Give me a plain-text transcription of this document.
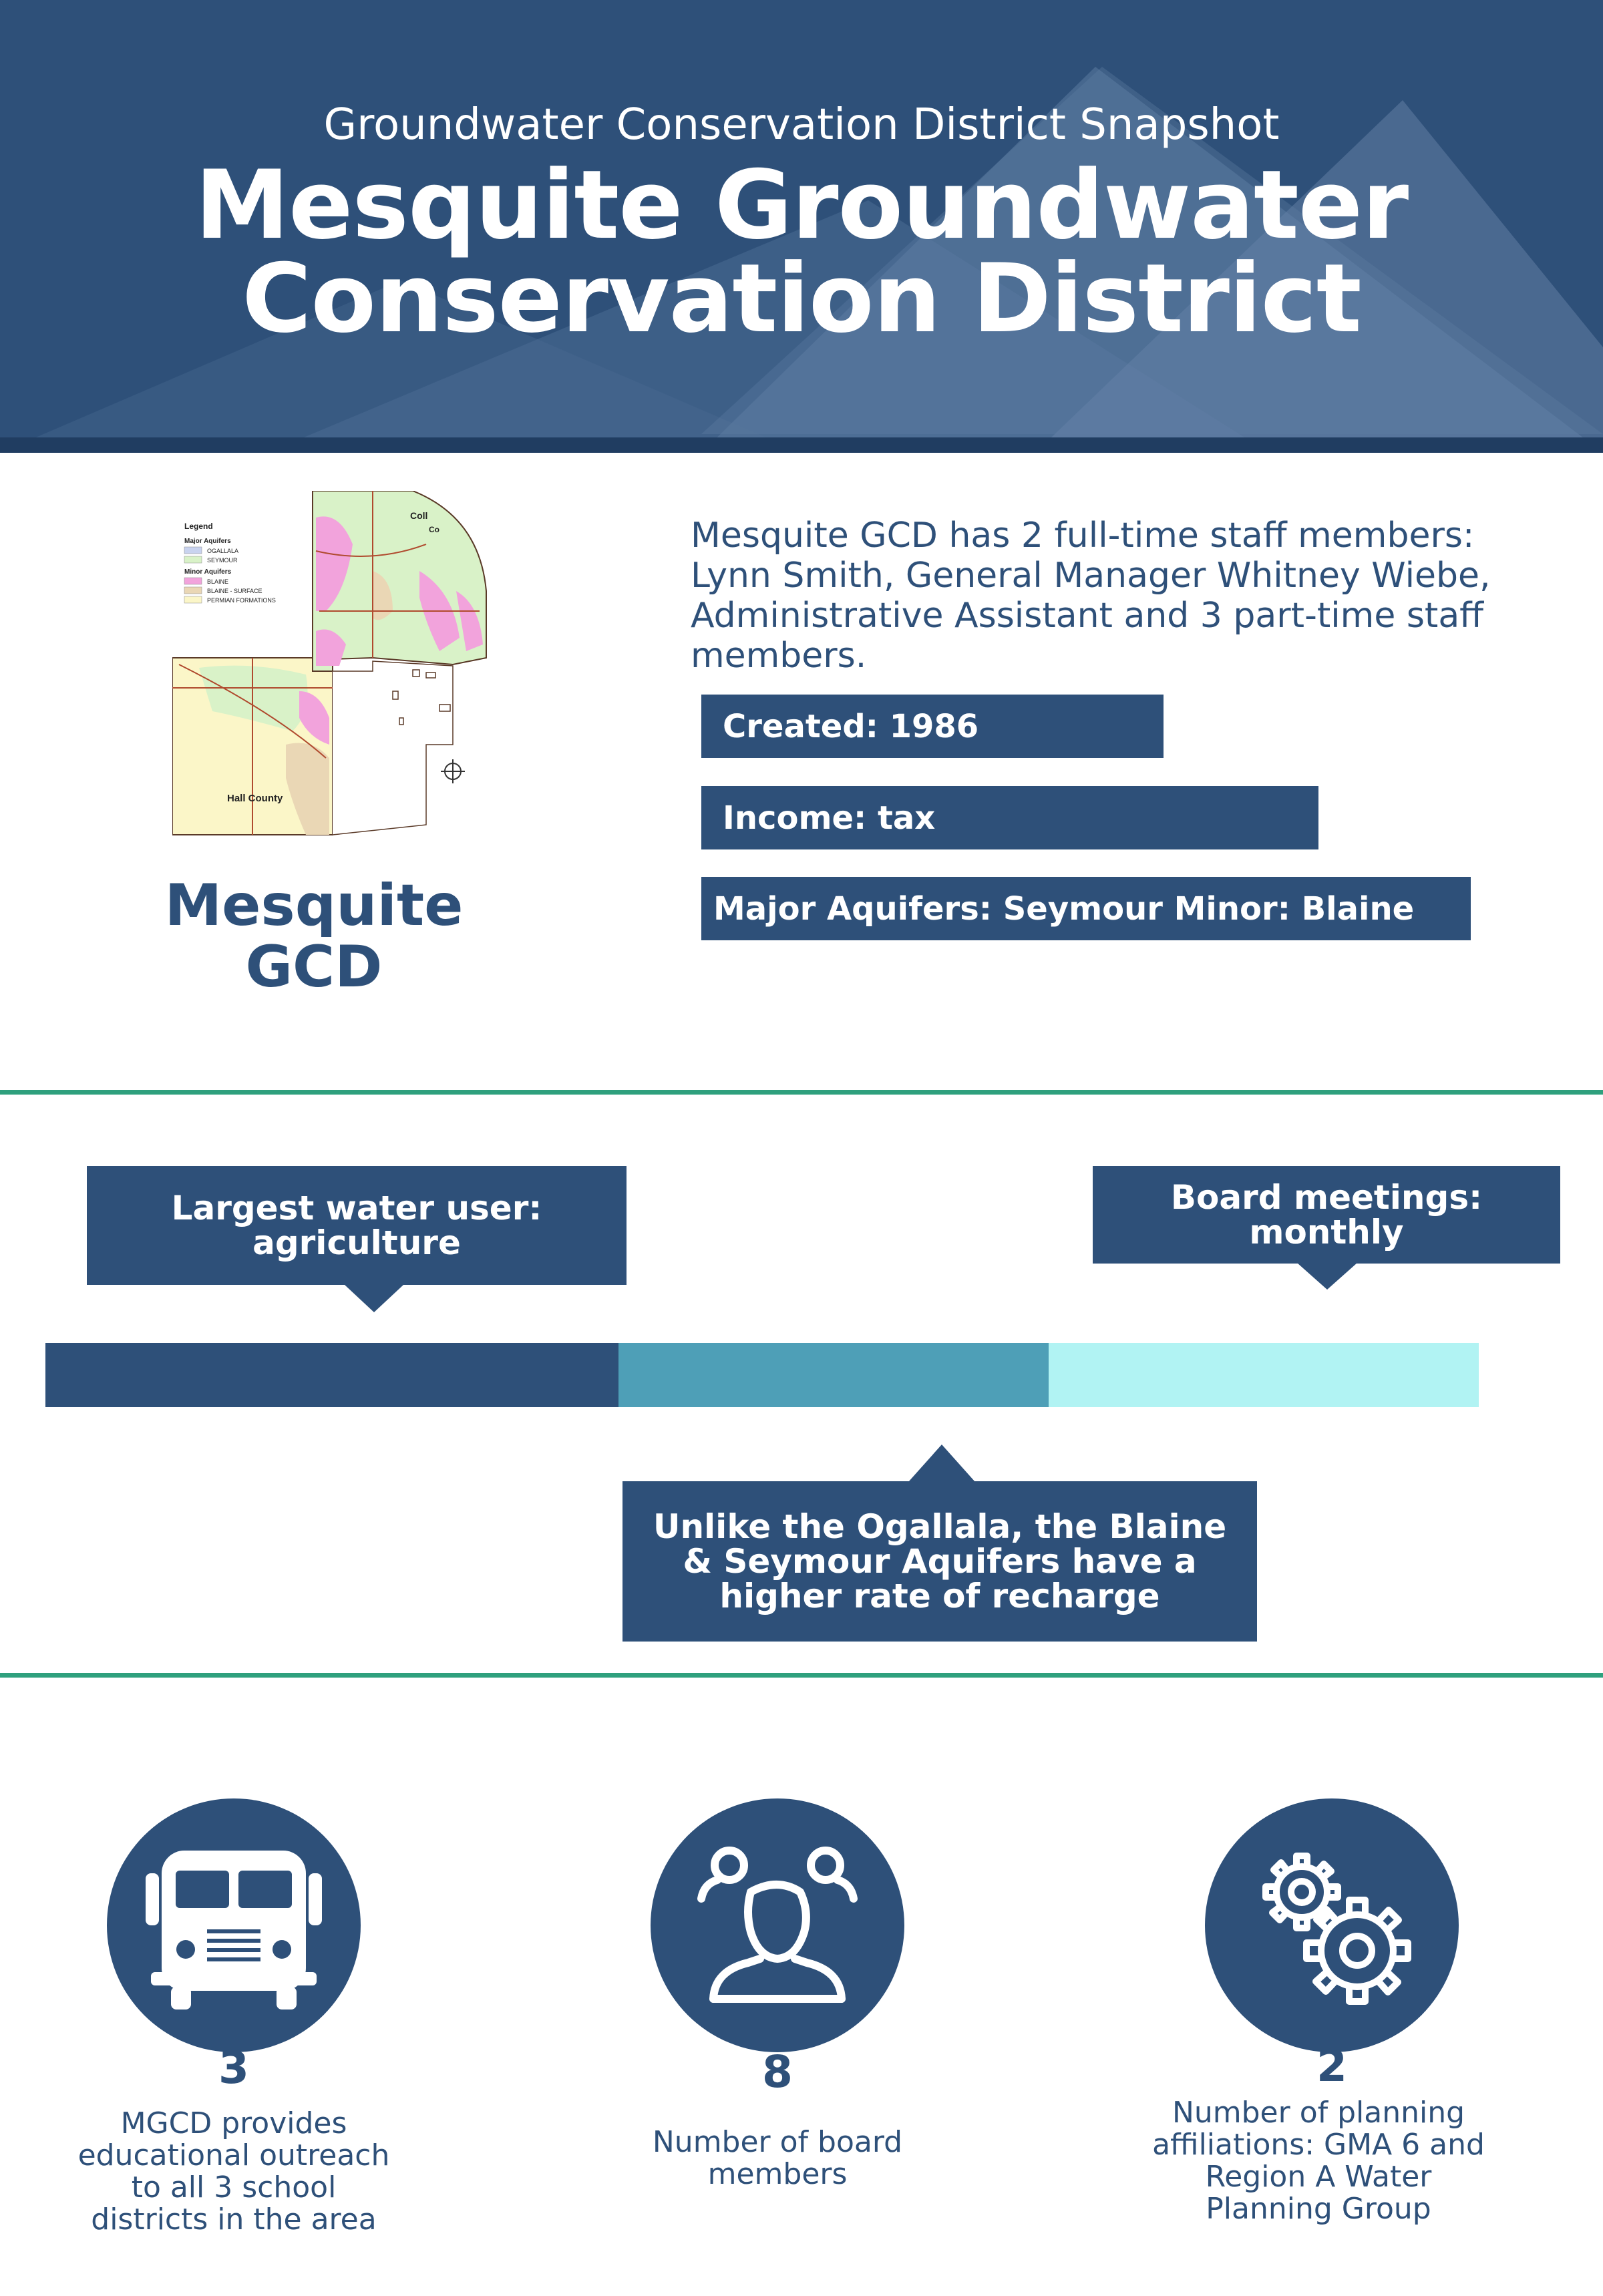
Groundwater Conservation District Snapshot
Mesquite Groundwater
Conservation District
Legend
Major Aquifers
OGALLALA
SEYMOUR
Minor Aquifers
BLAINE
BLAINE - SURFACE
PERMIAN FORMATIONS
Hall County
Coll
Co
Mesquite
GCD
Mesquite GCD has 2 full-time staff members: Lynn Smith, General Manager Whitney Wiebe, Administrative Assistant and 3 part-time staff members.
Created: 1986
Income: tax
Major Aquifers: Seymour Minor: Blaine
Largest water user: agriculture
Board meetings: monthly
Unlike the Ogallala, the Blaine & Seymour Aquifers have a higher rate of recharge
3
MGCD provides educational outreach to all 3 school districts in the area
8
Number of board members
2
Number of planning affiliations: GMA 6 and Region A Water Planning Group
